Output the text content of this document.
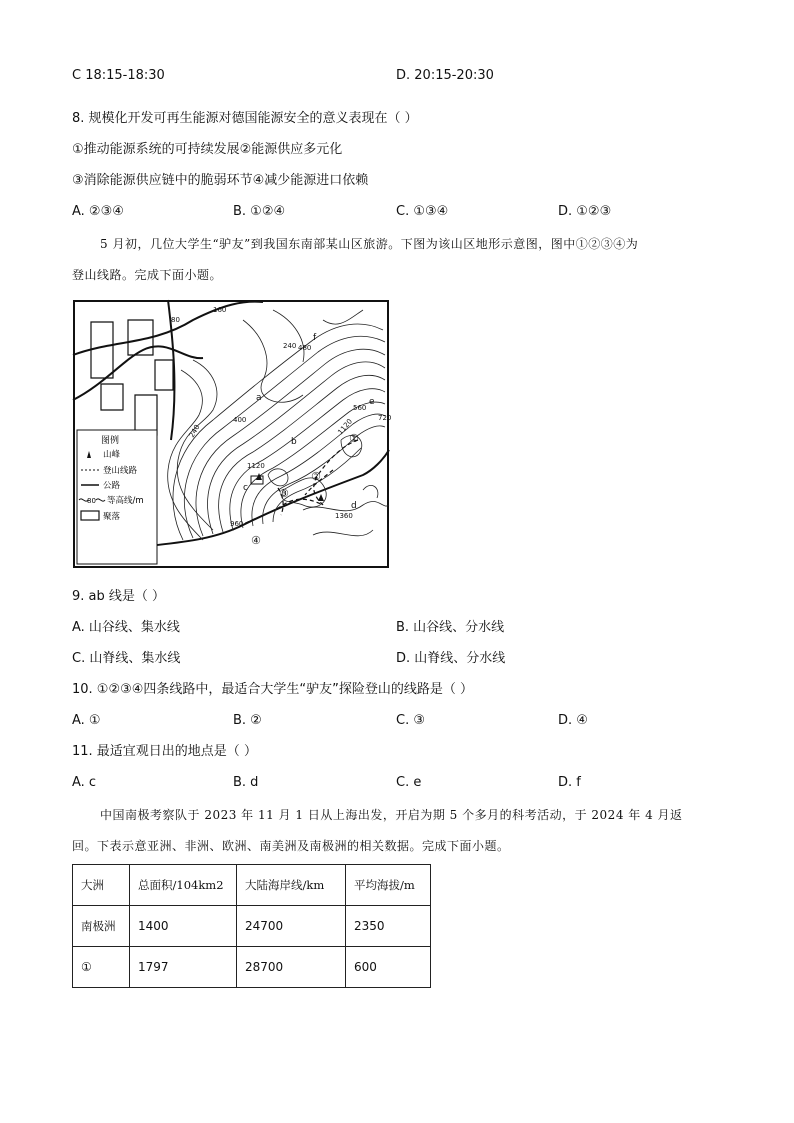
C 18:15-18:30	D. 20:15-20:30
8. 规模化开发可再生能源对德国能源安全的意义表现在（ ）
①推动能源系统的可持续发展②能源供应多元化
③消除能源供应链中的脆弱环节④减少能源进口依赖
A. ②③④	B. ①②④	C. ①③④	D. ①②③
5 月初，几位大学生“驴友”到我国东南部某山区旅游。下图为该山区地形示意图，图中①②③④为
登山线路。完成下面小题。
80
160
240
240
400
480
560
720
1120
1120
1360
960
a
b
c
d
e
f
①
②
③
④
图例
山峰
登山线路
公路
80 等高线/m
聚落
9. ab 线是（ ）
A. 山谷线、集水线	B. 山谷线、分水线
C. 山脊线、集水线	D. 山脊线、分水线
10. ①②③④四条线路中，最适合大学生“驴友”探险登山的线路是（ ）
A. ①	B. ②	C. ③	D. ④
11. 最适宜观日出的地点是（ ）
A. c	B. d	C. e	D. f
中国南极考察队于 2023 年 11 月 1 日从上海出发，开启为期 5 个多月的科考活动，于 2024 年 4 月返
回。下表示意亚洲、非洲、欧洲、南美洲及南极洲的相关数据。完成下面小题。
大洲	总面积/104km2	大陆海岸线/km	平均海拔/m
南极洲	1400	24700	2350
①	1797	28700	600
